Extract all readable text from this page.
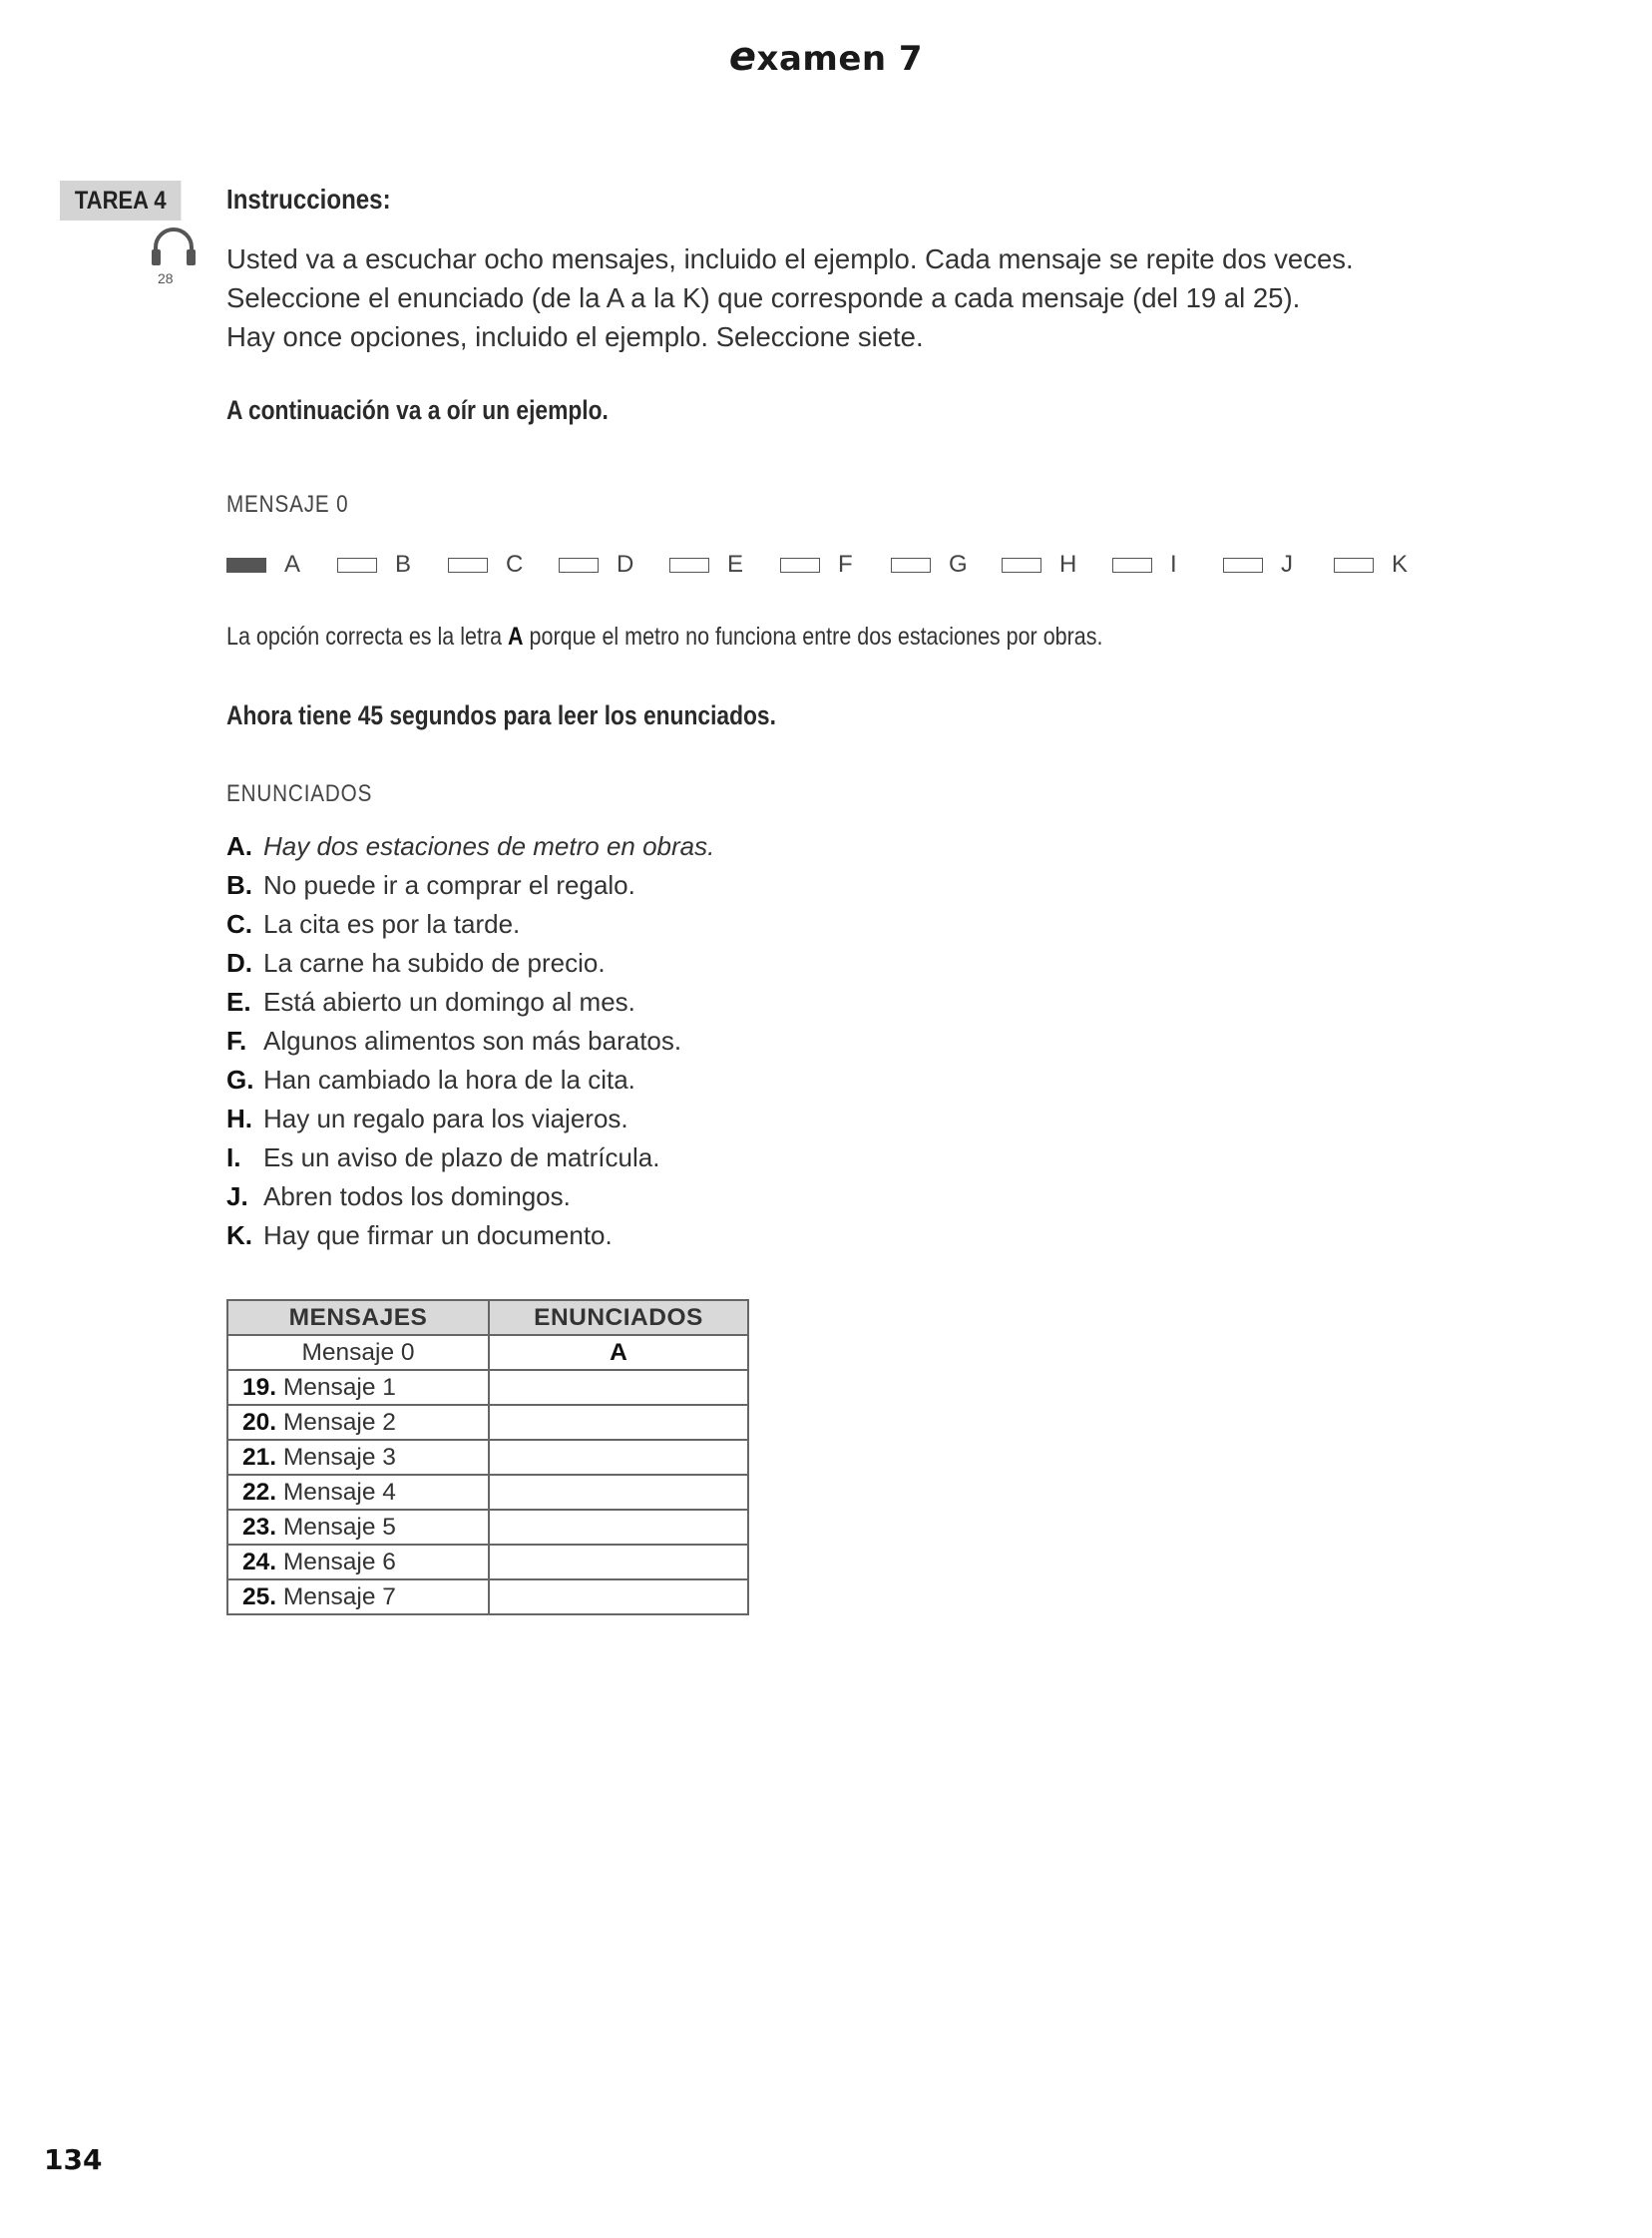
examen 7
TAREA 4
28
Instrucciones:
Usted va a escuchar ocho mensajes, incluido el ejemplo. Cada mensaje se repite dos veces.
Seleccione el enunciado (de la A a la K) que corresponde a cada mensaje (del 19 al 25).
Hay once opciones, incluido el ejemplo. Seleccione siete.
A continuación va a oír un ejemplo.
MENSAJE 0
A	B	C	D	E	F	G	H	I	J	K
La opción correcta es la letra A porque el metro no funciona entre dos estaciones por obras.
Ahora tiene 45 segundos para leer los enunciados.
ENUNCIADOS
A. Hay dos estaciones de metro en obras.
B. No puede ir a comprar el regalo.
C. La cita es por la tarde.
D. La carne ha subido de precio.
E. Está abierto un domingo al mes.
F. Algunos alimentos son más baratos.
G. Han cambiado la hora de la cita.
H. Hay un regalo para los viajeros.
I. Es un aviso de plazo de matrícula.
J. Abren todos los domingos.
K. Hay que firmar un documento.
MENSAJES	ENUNCIADOS
Mensaje 0	A
19. Mensaje 1	
20. Mensaje 2	
21. Mensaje 3	
22. Mensaje 4	
23. Mensaje 5	
24. Mensaje 6	
25. Mensaje 7	
134
